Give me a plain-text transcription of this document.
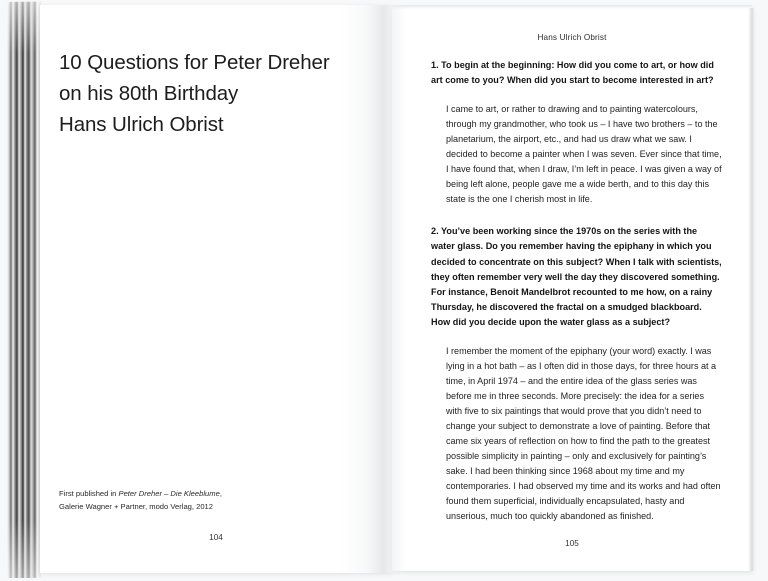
10 Questions for Peter Dreher
on his 80th Birthday
Hans Ulrich Obrist
First published in Peter Dreher – Die Kleeblume,
Galerie Wagner + Partner, modo Verlag, 2012
104
Hans Ulrich Obrist
1. To begin at the beginning: How did you come to art, or how did art come to you? When did you start to become interested in art?
I came to art, or rather to drawing and to painting watercolours, through my grandmother, who took us – I have two brothers – to the planetarium, the airport, etc., and had us draw what we saw. I decided to become a painter when I was seven. Ever since that time, I have found that, when I draw, I’m left in peace. I was given a way of being left alone, people gave me a wide berth, and to this day this state is the one I cherish most in life.
2. You’ve been working since the 1970s on the series with the water glass. Do you remember having the epiphany in which you decided to concentrate on this subject? When I talk with scientists, they often remember very well the day they discovered something. For instance, Benoit Mandelbrot recounted to me how, on a rainy Thursday, he discovered the fractal on a smudged blackboard. How did you decide upon the water glass as a subject?
I remember the moment of the epiphany (your word) exactly. I was lying in a hot bath – as I often did in those days, for three hours at a time, in April 1974 – and the entire idea of the glass series was before me in three seconds. More precisely: the idea for a series with five to six paintings that would prove that you didn’t need to change your subject to demonstrate a love of painting. Before that came six years of reflection on how to find the path to the greatest possible simplicity in painting – only and exclusively for painting’s sake. I had been thinking since 1968 about my time and my contemporaries. I had observed my time and its works and had often found them superficial, individually encapsulated, hasty and unserious, much too quickly abandoned as finished.
105
